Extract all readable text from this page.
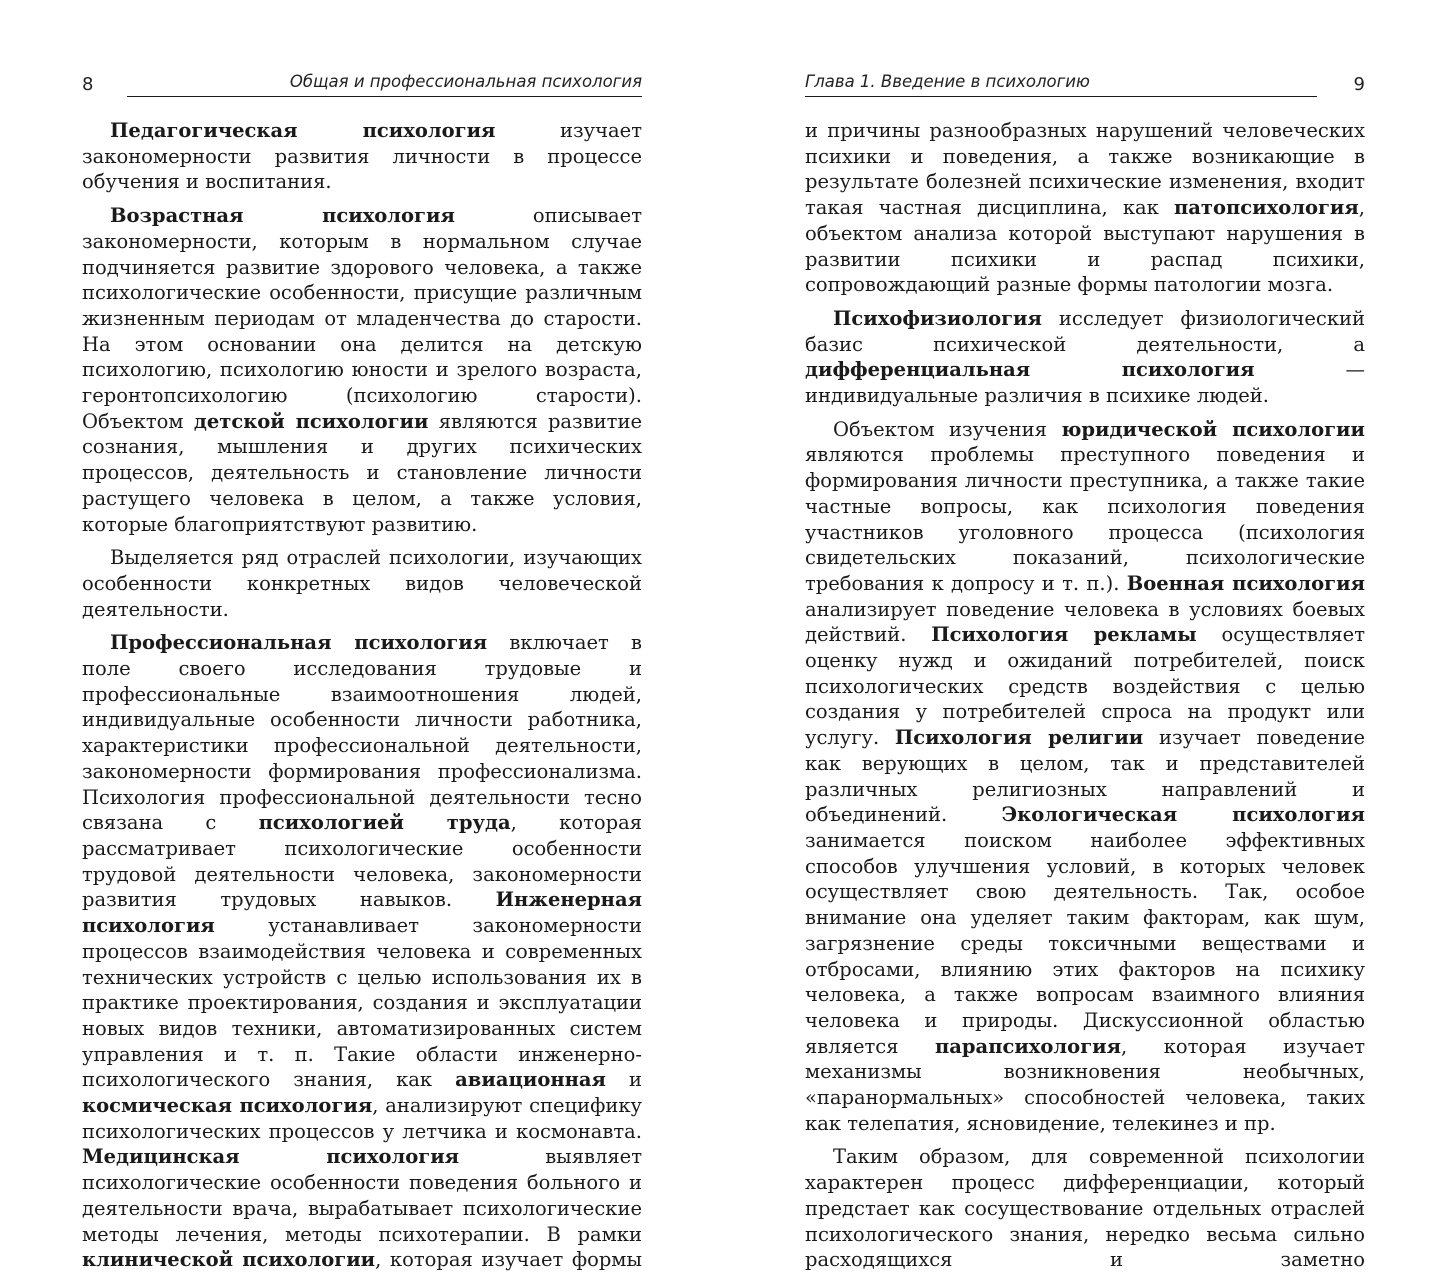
8	Общая и профессиональная психология

Педагогическая психология изучает закономерности развития личности в процессе обучения и воспитания.

Возрастная психология описывает закономерности, которым в нормальном случае подчиняется развитие здорового человека, а также психологические особенности, присущие различным жизненным периодам от младенчества до старости. На этом основании она делится на детскую психологию, психологию юности и зрелого возраста, геронтопсихологию (психологию старости). Объектом детской психологии являются развитие сознания, мышления и других психических процессов, деятельность и становление личности растущего человека в целом, а также условия, которые благоприятствуют развитию.

Выделяется ряд отраслей психологии, изучающих особенности конкретных видов человеческой деятельности.

Профессиональная психология включает в поле своего исследования трудовые и профессиональные взаимоотношения людей, индивидуальные особенности личности работника, характеристики профессиональной деятельности, закономерности формирования профессионализма. Психология профессиональной деятельности тесно связана с психологией труда, которая рассматривает психологические особенности трудовой деятельности человека, закономерности развития трудовых навыков. Инженерная психология устанавливает закономерности процессов взаимодействия человека и современных технических устройств с целью использования их в практике проектирования, создания и эксплуатации новых видов техники, автоматизированных систем управления и т. п. Такие области инженерно-психологического знания, как авиационная и космическая психология, анализируют специфику психологических процессов у летчика и космонавта. Медицинская психология выявляет психологические особенности поведения больного и деятельности врача, вырабатывает психологические методы лечения, методы психотерапии. В рамки клинической психологии, которая изучает формы

Глава 1. Введение в психологию	9

и причины разнообразных нарушений человеческих психики и поведения, а также возникающие в результате болезней психические изменения, входит такая частная дисциплина, как патопсихология, объектом анализа которой выступают нарушения в развитии психики и распад психики, сопровождающий разные формы патологии мозга.

Психофизиология исследует физиологический базис психической деятельности, а дифференциальная психология — индивидуальные различия в психике людей.

Объектом изучения юридической психологии являются проблемы преступного поведения и формирования личности преступника, а также такие частные вопросы, как психология поведения участников уголовного процесса (психология свидетельских показаний, психологические требования к допросу и т. п.). Военная психология анализирует поведение человека в условиях боевых действий. Психология рекламы осуществляет оценку нужд и ожиданий потребителей, поиск психологических средств воздействия с целью создания у потребителей спроса на продукт или услугу. Психология религии изучает поведение как верующих в целом, так и представителей различных религиозных направлений и объединений. Экологическая психология занимается поиском наиболее эффективных способов улучшения условий, в которых человек осуществляет свою деятельность. Так, особое внимание она уделяет таким факторам, как шум, загрязнение среды токсичными веществами и отбросами, влиянию этих факторов на психику человека, а также вопросам взаимного влияния человека и природы. Дискуссионной областью является парапсихология, которая изучает механизмы возникновения необычных, «паранормальных» способностей человека, таких как телепатия, ясновидение, телекинез и пр.

Таким образом, для современной психологии характерен процесс дифференциации, который предстает как сосуществование отдельных отраслей психологического знания, нередко весьма сильно расходящихся и заметно
